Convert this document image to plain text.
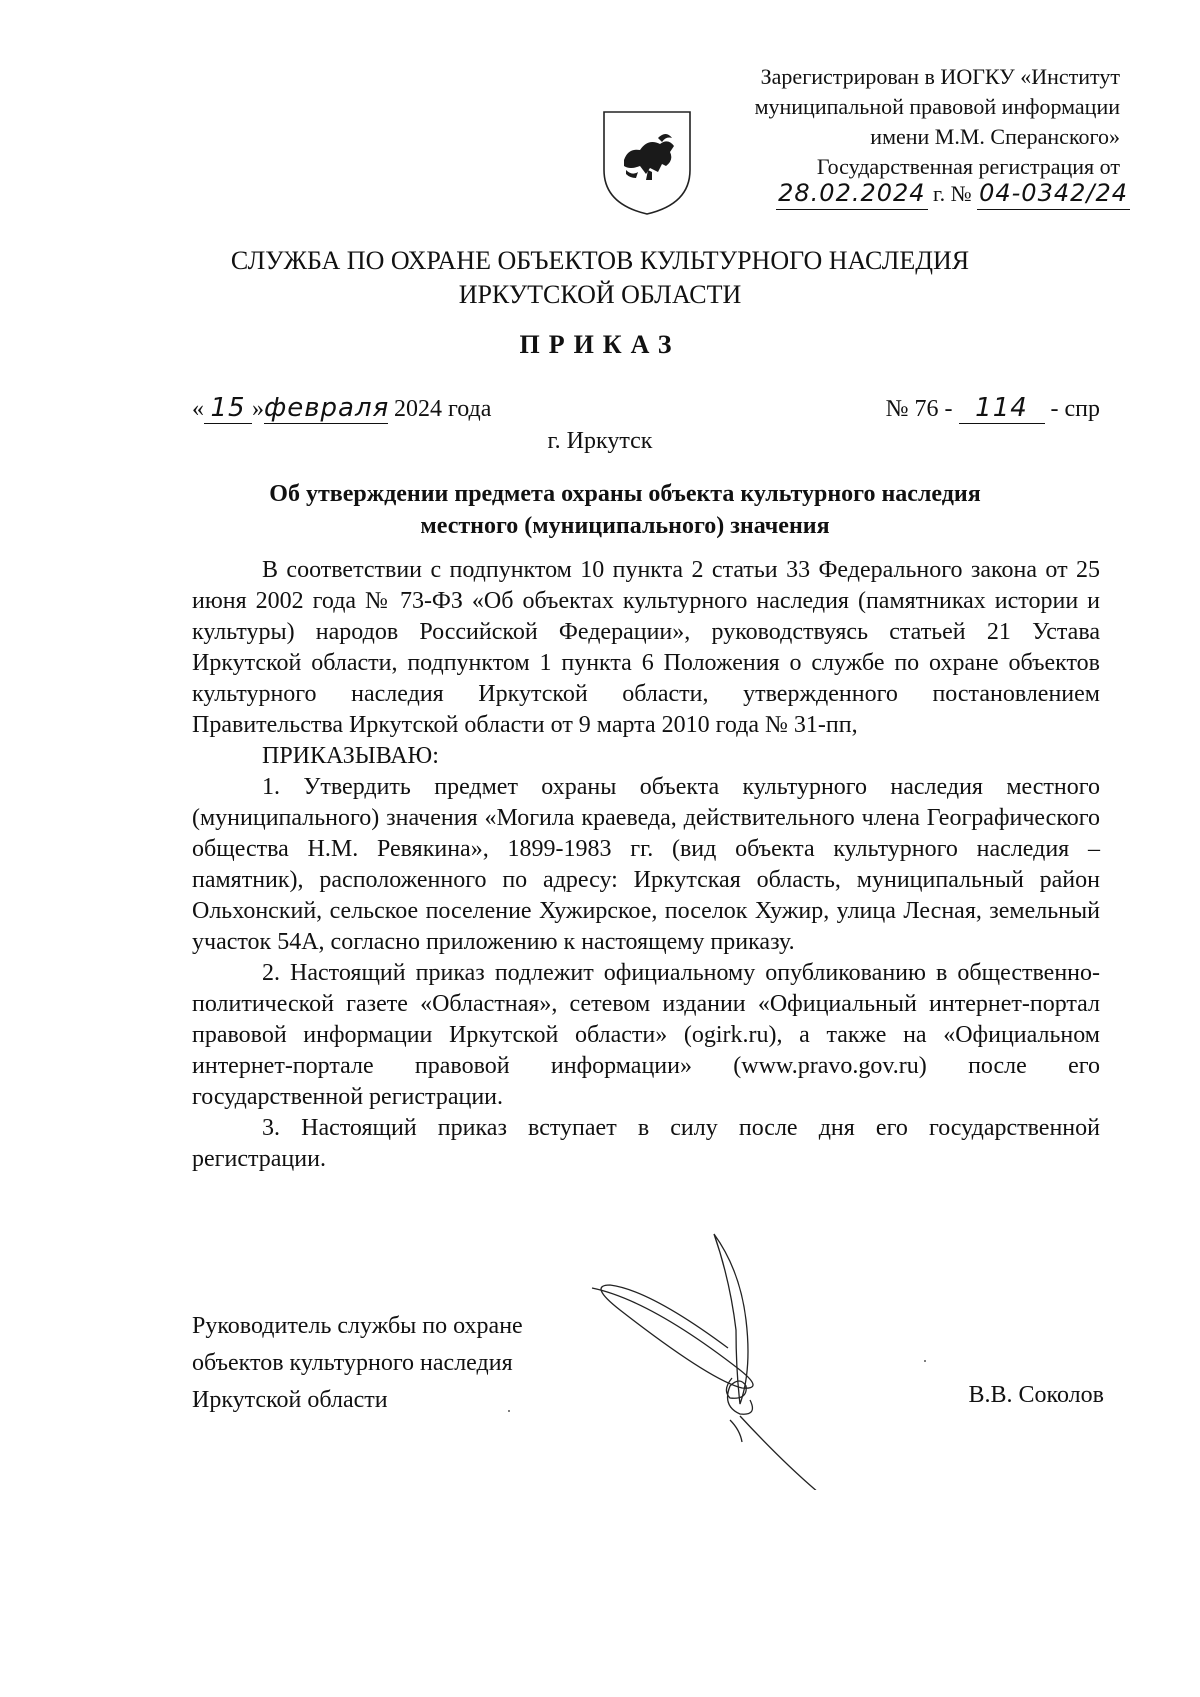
Зарегистрирован в ИОГКУ «Институт
муниципальной правовой информации
имени М.М. Сперанского»
Государственная регистрация от
28.02.2024 г. № 04-0342/24
СЛУЖБА ПО ОХРАНЕ ОБЪЕКТОВ КУЛЬТУРНОГО НАСЛЕДИЯ
ИРКУТСКОЙ ОБЛАСТИ
ПРИКАЗ
« 15 »февраля 2024 года	№ 76 - 114 - спр
г. Иркутск
Об утверждении предмета охраны объекта культурного наследия
местного (муниципального) значения

В соответствии с подпунктом 10 пункта 2 статьи 33 Федерального закона от 25 июня 2002 года № 73-ФЗ «Об объектах культурного наследия (памятниках истории и культуры) народов Российской Федерации», руководствуясь статьей 21 Устава Иркутской области, подпунктом 1 пункта 6 Положения о службе по охране объектов культурного наследия Иркутской области, утвержденного постановлением Правительства Иркутской области от 9 марта 2010 года № 31-пп,

ПРИКАЗЫВАЮ:

1. Утвердить предмет охраны объекта культурного наследия местного (муниципального) значения «Могила краеведа, действительного члена Географического общества Н.М. Ревякина», 1899-1983 гг. (вид объекта культурного наследия – памятник), расположенного по адресу: Иркутская область, муниципальный район Ольхонский, сельское поселение Хужирское, поселок Хужир, улица Лесная, земельный участок 54А, согласно приложению к настоящему приказу.

2. Настоящий приказ подлежит официальному опубликованию в общественно-политической газете «Областная», сетевом издании «Официальный интернет-портал правовой информации Иркутской области» (ogirk.ru), а также на «Официальном интернет-портале правовой информации» (www.pravo.gov.ru) после его государственной регистрации.

3. Настоящий приказ вступает в силу после дня его государственной регистрации.

Руководитель службы по охране
объектов культурного наследия
Иркутской области	В.В. Соколов
